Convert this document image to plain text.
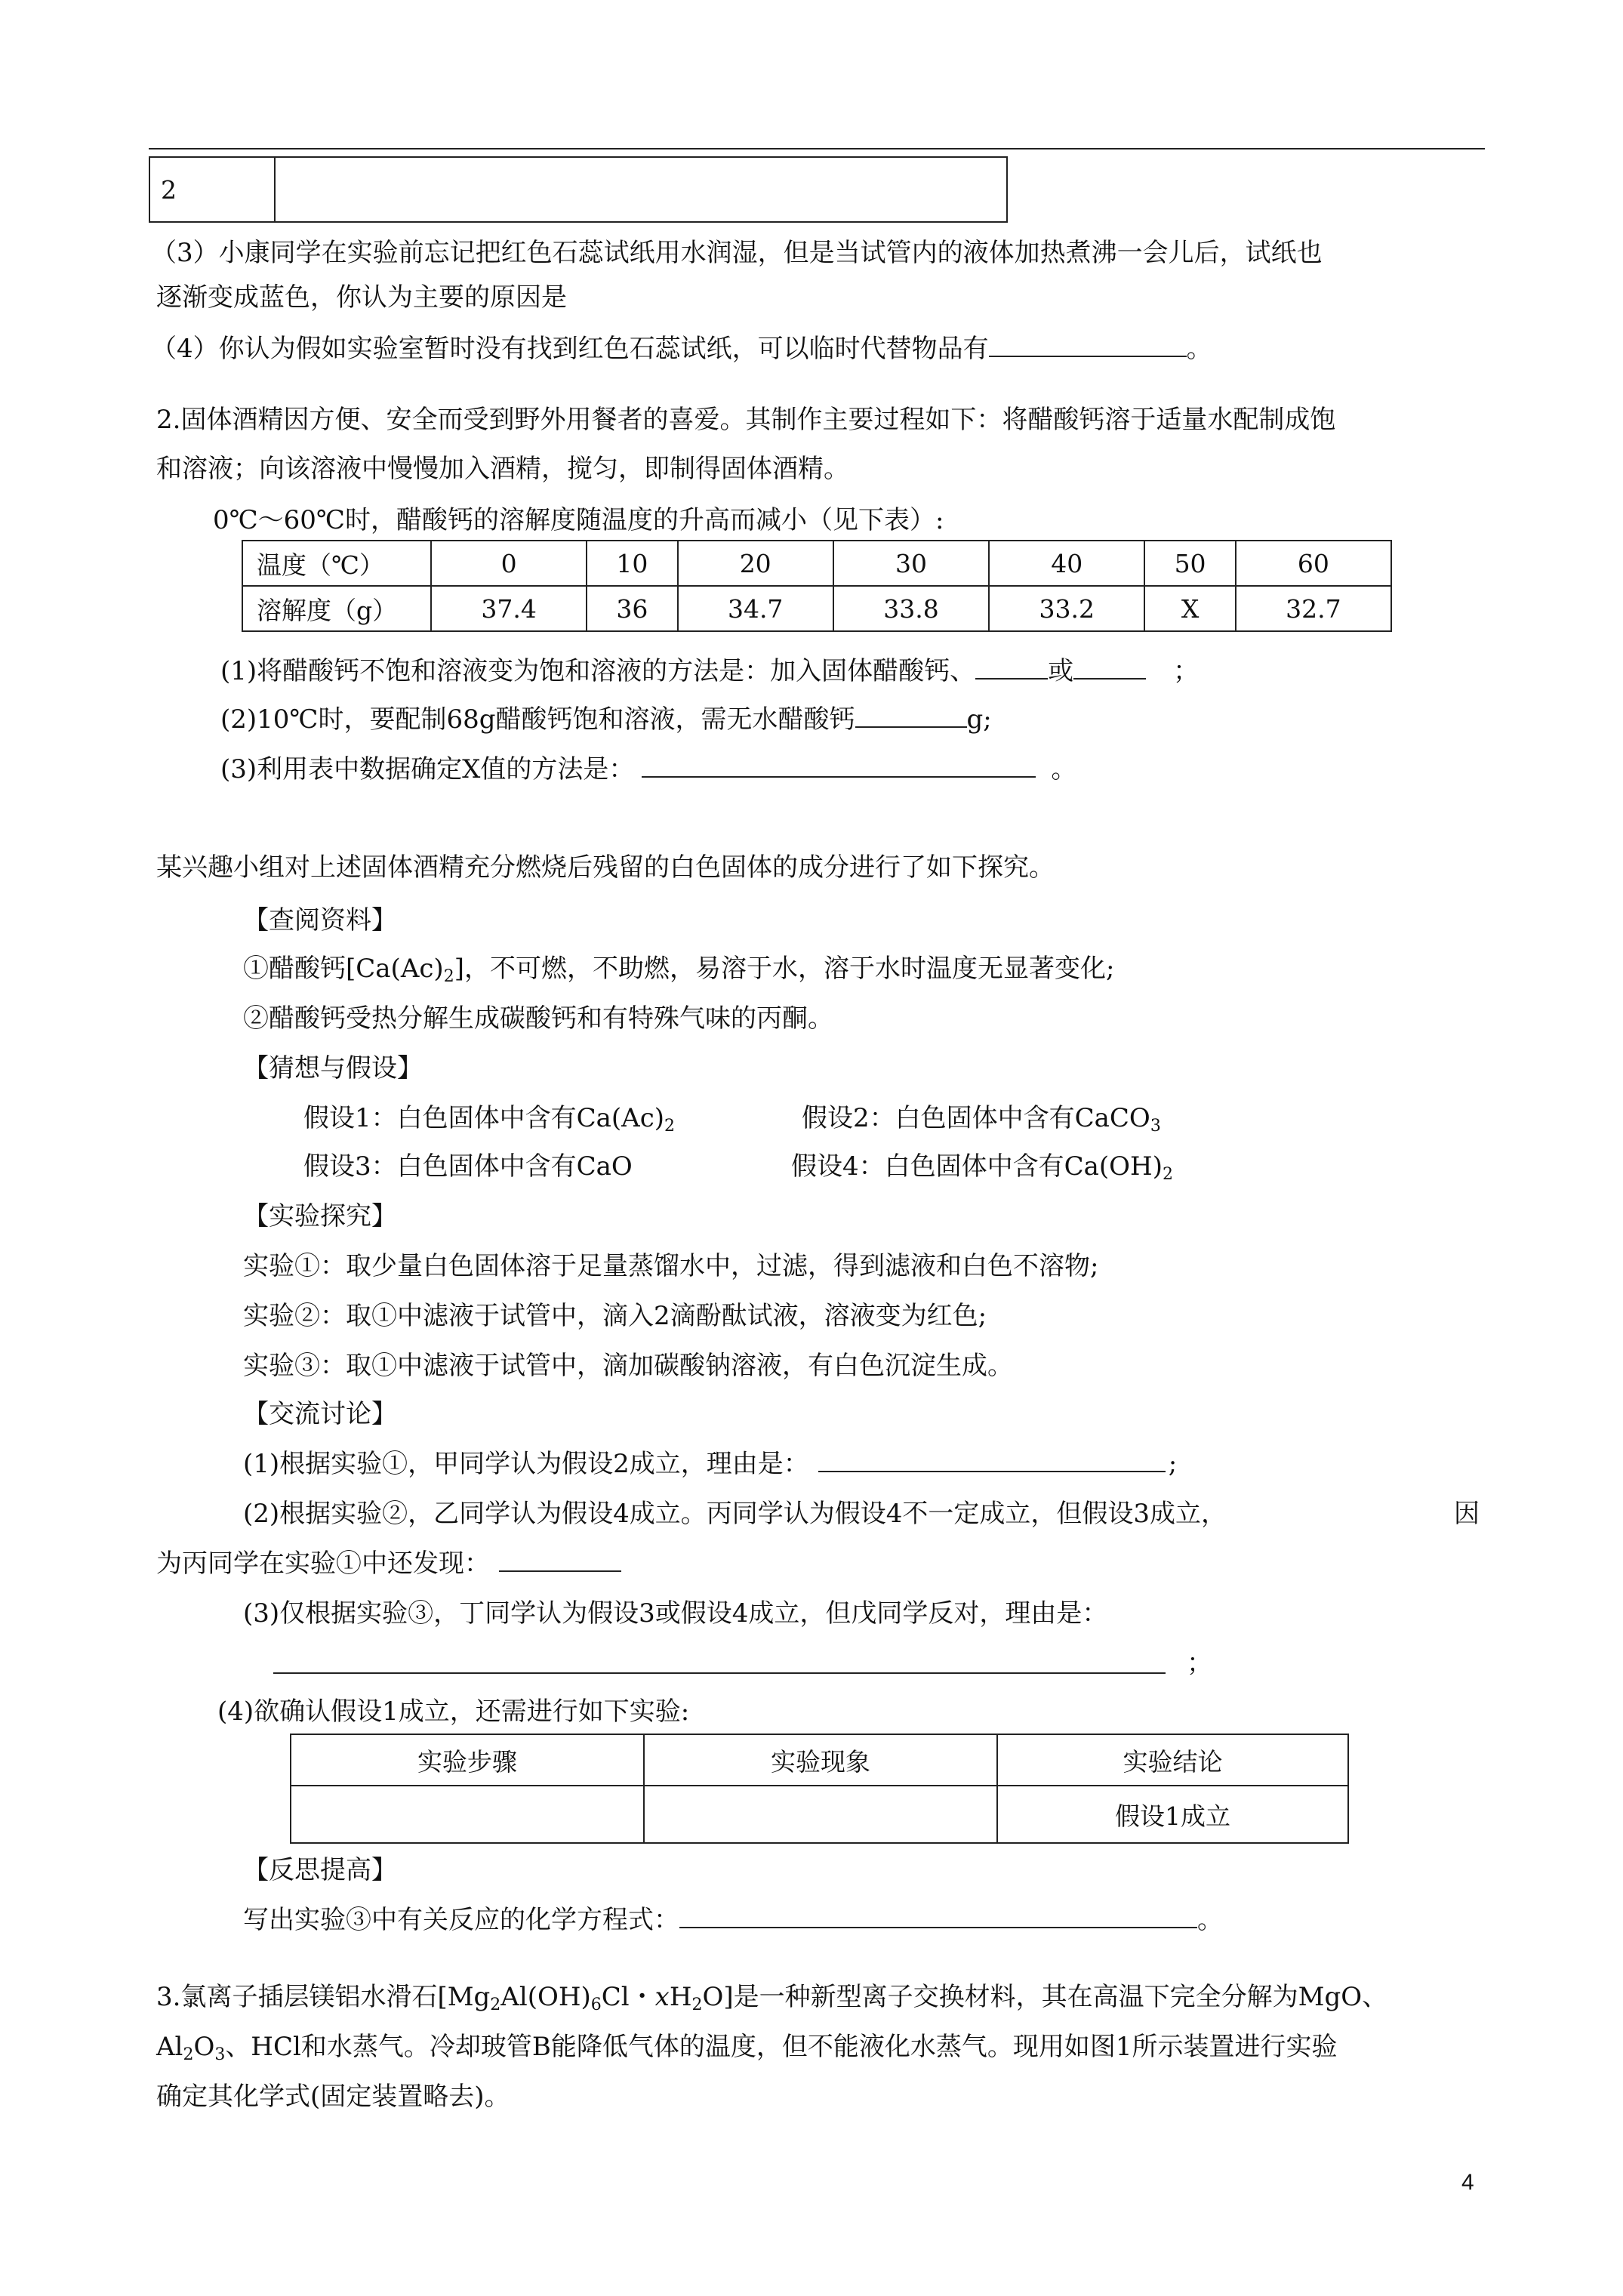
2	
（3）小康同学在实验前忘记把红色石蕊试纸用水润湿，但是当试管内的液体加热煮沸一会儿后，试纸也
逐渐变成蓝色，你认为主要的原因是
（4）你认为假如实验室暂时没有找到红色石蕊试纸，可以临时代替物品有	。
2.固体酒精因方便、安全而受到野外用餐者的喜爱。其制作主要过程如下：将醋酸钙溶于适量水配制成饱
和溶液；向该溶液中慢慢加入酒精，搅匀，即制得固体酒精。
0℃～60℃时，醋酸钙的溶解度随温度的升高而减小（见下表）:
温度（℃）	0	10	20	30	40	50	60
溶解度（g）	37.4	36	34.7	33.8	33.2	X	32.7
(1)将醋酸钙不饱和溶液变为饱和溶液的方法是：加入固体醋酸钙、	或	；
(2)10℃时，要配制68g醋酸钙饱和溶液，需无水醋酸钙	g;
(3)利用表中数据确定X值的方法是：	。
某兴趣小组对上述固体酒精充分燃烧后残留的白色固体的成分进行了如下探究。
【查阅资料】
①醋酸钙$[Ca(Ac)_2]$，不可燃，不助燃，易溶于水，溶于水时温度无显著变化;
②醋酸钙受热分解生成碳酸钙和有特殊气味的丙酮。
【猜想与假设】
假设1：白色固体中含有$Ca(Ac)_2$	假设2：白色固体中含有CaCO$_3$
假设3：白色固体中含有CaO	假设4：白色固体中含有$Ca(OH)_2$
【实验探究】
实验①：取少量白色固体溶于足量蒸馏水中，过滤，得到滤液和白色不溶物;
实验②：取①中滤液于试管中，滴入2滴酚酞试液，溶液变为红色;
实验③：取①中滤液于试管中，滴加碳酸钠溶液，有白色沉淀生成。
【交流讨论】
(1)根据实验①，甲同学认为假设2成立，理由是：	;
(2)根据实验②，乙同学认为假设4成立。丙同学认为假设4不一定成立，但假设3成立，	因
为丙同学在实验①中还发现：
(3)仅根据实验③，丁同学认为假设3或假设4成立，但戊同学反对，理由是：
；
(4)欲确认假设1成立，还需进行如下实验:
实验步骤	实验现象	实验结论
		假设1成立
【反思提高】
写出实验③中有关反应的化学方程式：	。
3.氯离子插层镁铝水滑石[$Mg_2Al(OH)_6Cl$・$xH_2O$]是一种新型离子交换材料，其在高温下完全分解为MgO、
$Al_2O_3$、HCl和水蒸气。冷却玻管B能降低气体的温度，但不能液化水蒸气。现用如图1所示装置进行实验
确定其化学式(固定装置略去)。
4
